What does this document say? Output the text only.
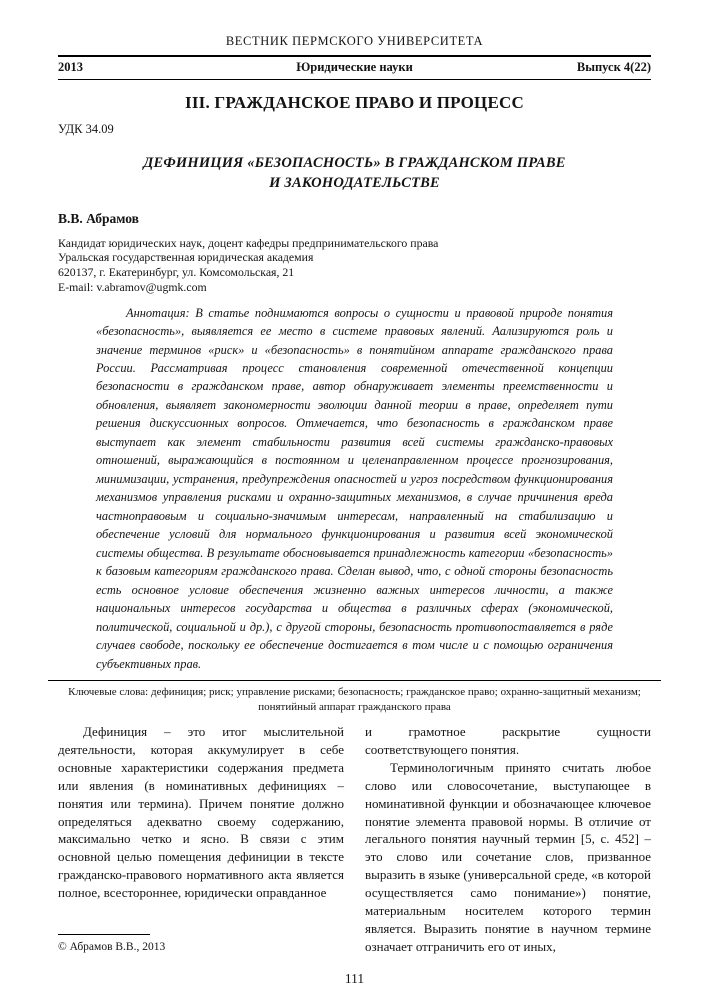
ВЕСТНИК ПЕРМСКОГО УНИВЕРСИТЕТА
2013	Юридические науки	Выпуск 4(22)
III. ГРАЖДАНСКОЕ ПРАВО И ПРОЦЕСС
УДК 34.09
ДЕФИНИЦИЯ «БЕЗОПАСНОСТЬ» В ГРАЖДАНСКОМ ПРАВЕ
И ЗАКОНОДАТЕЛЬСТВЕ
В.В. Абрамов
Кандидат юридических наук, доцент кафедры предпринимательского права
Уральская государственная юридическая академия
620137, г. Екатеринбург, ул. Комсомольская, 21
E-mail: v.abramov@ugmk.com

Аннотация: В статье поднимаются вопросы о сущности и правовой природе понятия «безопасность», выявляется ее место в системе правовых явлений. Аализируются роль и значение терминов «риск» и «безопасность» в понятийном аппарате гражданского права России. Рассматривая процесс становления современной отечественной концепции безопасности в гражданском праве, автор обнаруживает элементы преемственности и обновления, выявляет закономерности эволюции данной теории в праве, определяет пути решения дискуссионных вопросов. Отмечается, что безопасность в гражданском праве выступает как элемент стабильности развития всей системы гражданско-правовых отношений, выражающийся в постоянном и целенаправленном процессе прогнозирования, минимизации, устранения, предупреждения опасностей и угроз посредством функционирования механизмов управления рисками и охранно-защитных механизмов, в случае причинения вреда частноправовым и социально-значимым интересам, направленный на стабилизацию и обеспечение условий для нормального функционирования и развития всей экономической системы общества. В результате обосновывается принадлежность категории «безопасность» к базовым категориям гражданского права. Сделан вывод, что, с одной стороны безопасность есть основное условие обеспечения жизненно важных интересов личности, а также национальных интересов государства и общества в различных сферах (экономической, политической, социальной и др.), с другой стороны, безопасность противопоставляется в ряде случаев свободе, поскольку ее обеспечение достигается в том числе и с помощью ограничения субъективных прав.

Ключевые слова: дефиниция; риск; управление рисками; безопасность; гражданское право; охранно-защитный механизм; понятийный аппарат гражданского права

Дефиниция – это итог мыслительной деятельности, которая аккумулирует в себе основные характеристики содержания предмета или явления (в номинативных дефинициях – понятия или термина). Причем понятие должно определяться адекватно своему содержанию, максимально четко и ясно. В связи с этим основной целью помещения дефиниции в тексте гражданско-правового нормативного акта является полное, всестороннее, юридически оправданное

© Абрамов В.В., 2013

и грамотное раскрытие сущности соответствующего понятия.

Терминологичным принято считать любое слово или словосочетание, выступающее в номинативной функции и обозначающее ключевое понятие элемента правовой нормы. В отличие от легального понятия научный термин [5, с. 452] – это слово или сочетание слов, призванное выразить в языке (универсальной среде, «в которой осуществляется само понимание») понятие, материальным носителем которого термин является. Выразить понятие в научном термине означает отграничить его от иных,

111
